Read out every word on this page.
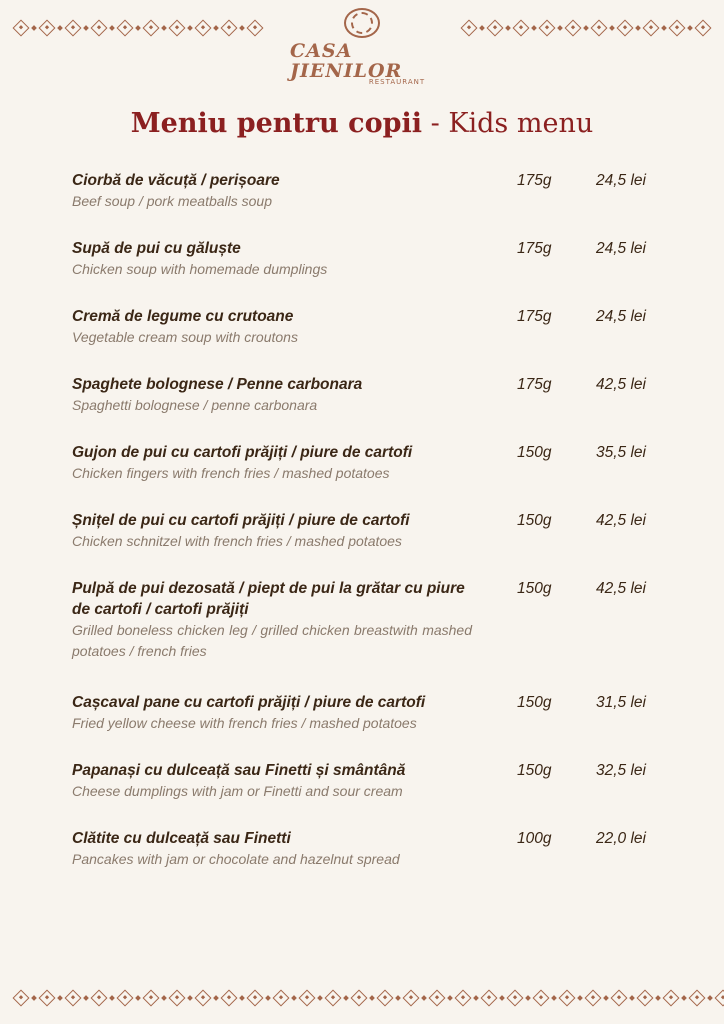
CASA JIENILOR
RESTAURANT
Meniu pentru copii - Kids menu
Ciorbă de văcuță / perișoare
Beef soup / pork meatballs soup
175g	24,5 lei
Supă de pui cu găluște
Chicken soup with homemade dumplings
175g	24,5 lei
Cremă de legume cu crutoane
Vegetable cream soup with croutons
175g	24,5 lei
Spaghete bolognese / Penne carbonara
Spaghetti bolognese / penne carbonara
175g	42,5 lei
Gujon de pui cu cartofi prăjiți / piure de cartofi
Chicken fingers with french fries / mashed potatoes
150g	35,5 lei
Șnițel de pui cu cartofi prăjiți / piure de cartofi
Chicken schnitzel with french fries / mashed potatoes
150g	42,5 lei
Pulpă de pui dezosată / piept de pui la grătar cu piure de cartofi / cartofi prăjiți
Grilled boneless chicken leg / grilled chicken breastwith mashed potatoes / french fries
150g	42,5 lei
Cașcaval pane cu cartofi prăjiți / piure de cartofi
Fried yellow cheese with french fries / mashed potatoes
150g	31,5 lei
Papanași cu dulceață sau Finetti și smântână
Cheese dumplings with jam or Finetti and sour cream
150g	32,5 lei
Clătite cu dulceață sau Finetti
Pancakes with jam or chocolate and hazelnut spread
100g	22,0 lei
